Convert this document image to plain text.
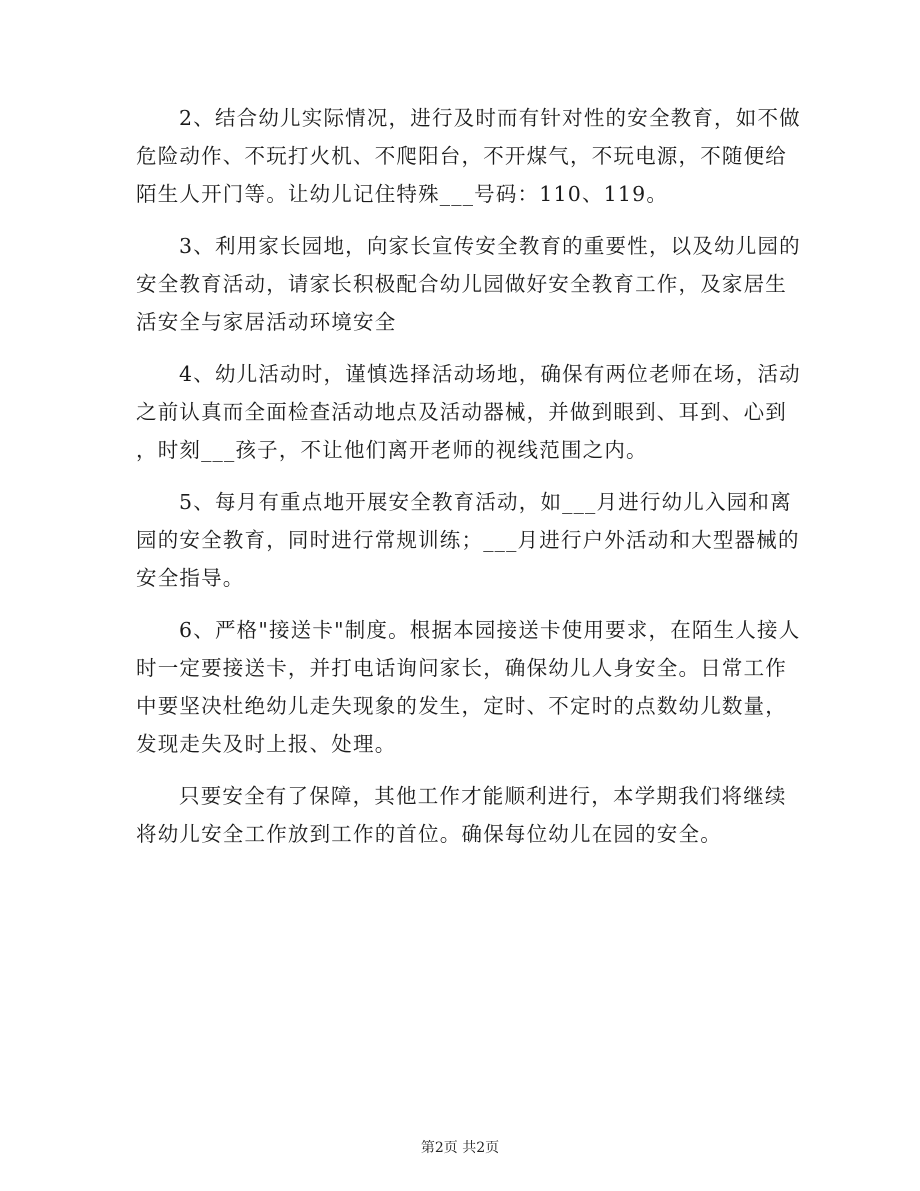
2、结合幼儿实际情况，进行及时而有针对性的安全教育，如不做
危险动作、不玩打火机、不爬阳台，不开煤气，不玩电源，不随便给
陌生人开门等。让幼儿记住特殊___号码：110、119。

3、利用家长园地，向家长宣传安全教育的重要性，以及幼儿园的
安全教育活动，请家长积极配合幼儿园做好安全教育工作，及家居生
活安全与家居活动环境安全

4、幼儿活动时，谨慎选择活动场地，确保有两位老师在场，活动
之前认真而全面检查活动地点及活动器械，并做到眼到、耳到、心到
，时刻___孩子，不让他们离开老师的视线范围之内。

5、每月有重点地开展安全教育活动，如___月进行幼儿入园和离
园的安全教育，同时进行常规训练；___月进行户外活动和大型器械的
安全指导。

6、严格"接送卡"制度。根据本园接送卡使用要求，在陌生人接人
时一定要接送卡，并打电话询问家长，确保幼儿人身安全。日常工作
中要坚决杜绝幼儿走失现象的发生，定时、不定时的点数幼儿数量，
发现走失及时上报、处理。

只要安全有了保障，其他工作才能顺利进行，本学期我们将继续
将幼儿安全工作放到工作的首位。确保每位幼儿在园的安全。

第2页 共2页
